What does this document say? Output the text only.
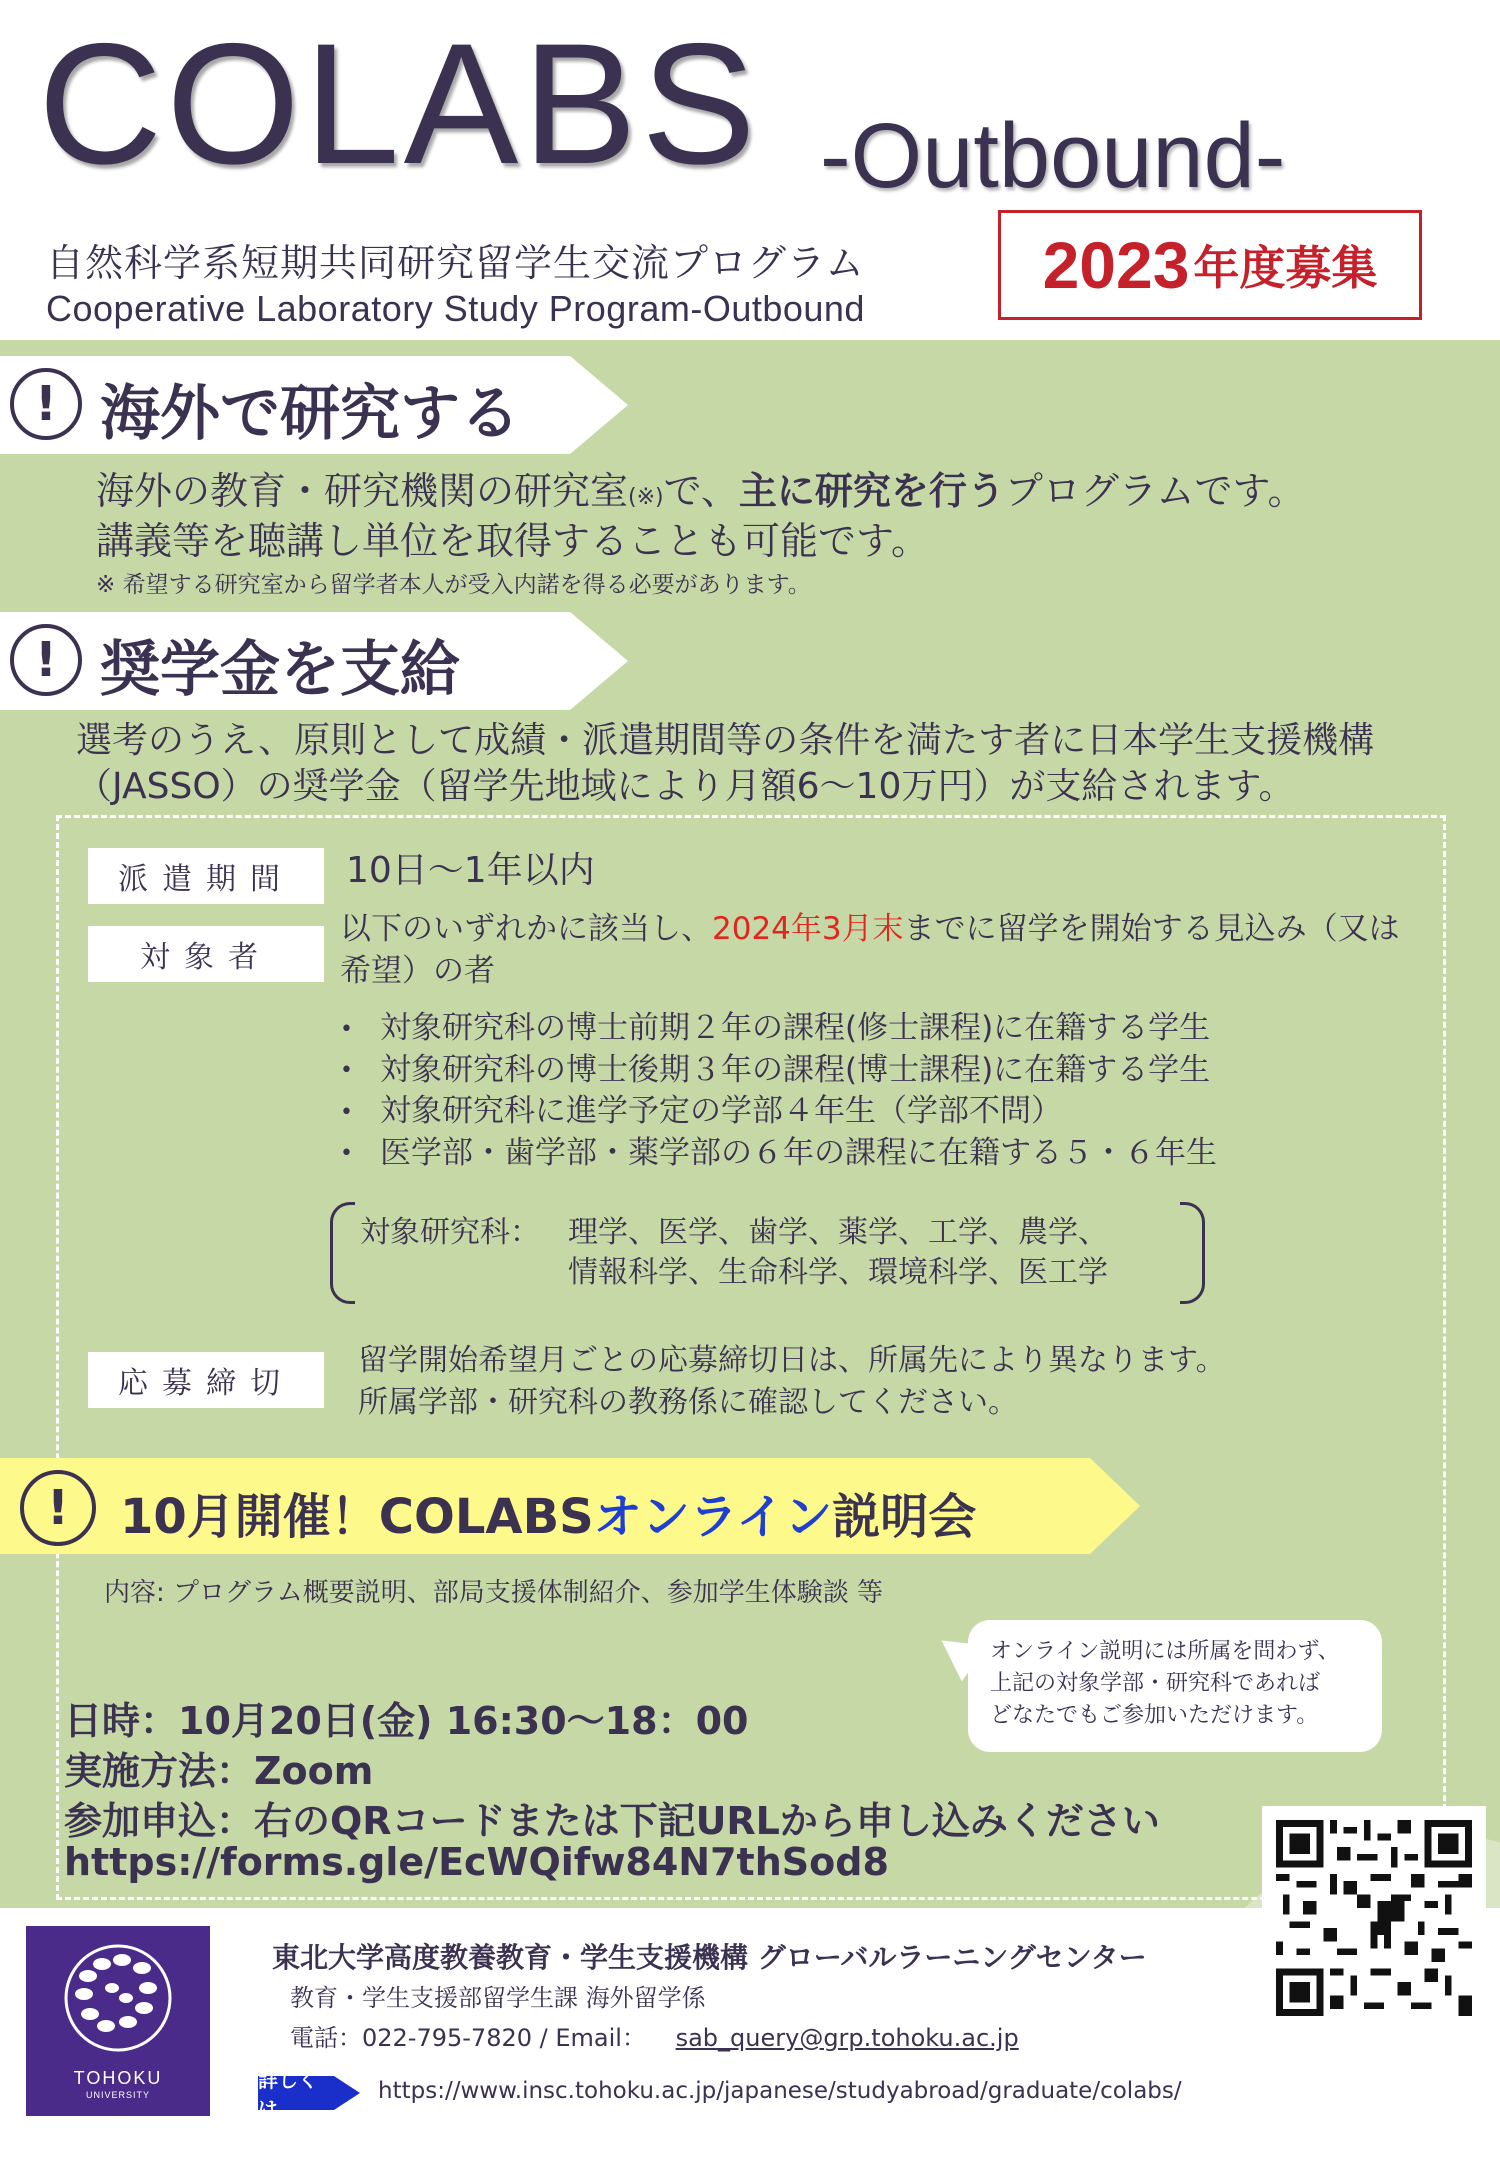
COLABS -Outbound-
自然科学系短期共同研究留学生交流プログラム
Cooperative Laboratory Study Program-Outbound
2023 年度募集
! 海外で研究する
海外の教育・研究機関の研究室(※)で、主に研究を行うプログラムです。
講義等を聴講し単位を取得することも可能です。
※ 希望する研究室から留学者本人が受入内諾を得る必要があります。
! 奨学金を支給
選考のうえ、原則として成績・派遣期間等の条件を満たす者に日本学生支援機構
（JASSO）の奨学金（留学先地域により月額6～10万円）が支給されます。
派遣期間	10日～1年以内
対象者
以下のいずれかに該当し、2024年3月末までに留学を開始する見込み（又は
希望）の者
• 対象研究科の博士前期２年の課程(修士課程)に在籍する学生
• 対象研究科の博士後期３年の課程(博士課程)に在籍する学生
• 対象研究科に進学予定の学部４年生（学部不問）
• 医学部・歯学部・薬学部の６年の課程に在籍する５・６年生
対象研究科： 理学、医学、歯学、薬学、工学、農学、
情報科学、生命科学、環境科学、医工学
応募締切
留学開始希望月ごとの応募締切日は、所属先により異なります。
所属学部・研究科の教務係に確認してください。
!	10月開催！COLABSオンライン説明会
内容: プログラム概要説明、部局支援体制紹介、参加学生体験談 等
オンライン説明には所属を問わず、
上記の対象学部・研究科であれば
どなたでもご参加いただけます。
日時：10月20日(金) 16:30～18：00
実施方法：Zoom
参加申込：右のQRコードまたは下記URLから申し込みください
https://forms.gle/EcWQifw84N7thSod8
TOHOKU
UNIVERSITY
東北大学高度教養教育・学生支援機構 グローバルラーニングセンター
教育・学生支援部留学生課 海外留学係
電話：022-795-7820 / Email： sab_query@grp.tohoku.ac.jp
詳しくは
https://www.insc.tohoku.ac.jp/japanese/studyabroad/graduate/colabs/
